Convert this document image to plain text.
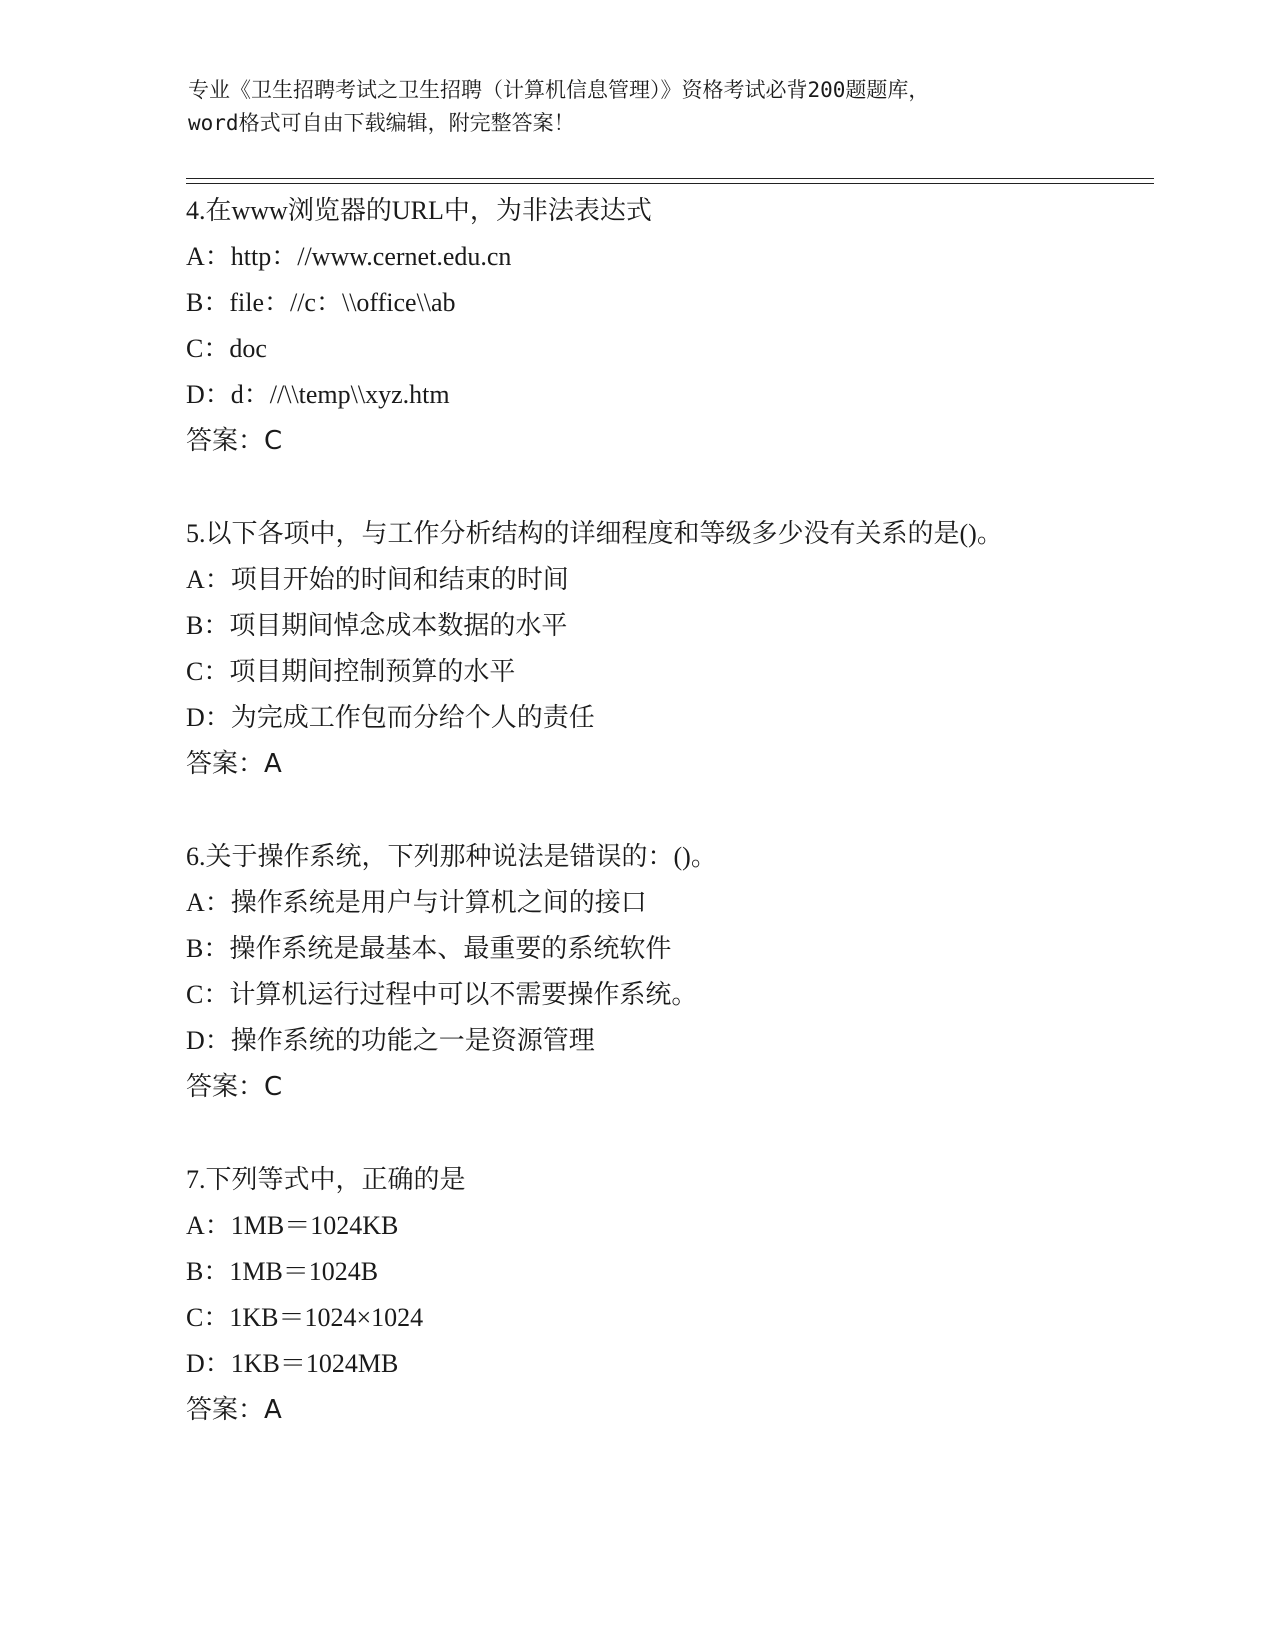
专业《卫生招聘考试之卫生招聘（计算机信息管理）》资格考试必背200题题库，
word格式可自由下载编辑，附完整答案！
4.在www浏览器的URL中，为非法表达式
A：http：//www.cernet.edu.cn
B：file：//c：\\office\\ab
C：doc
D：d：//\\temp\\xyz.htm
答案：C
5.以下各项中，与工作分析结构的详细程度和等级多少没有关系的是()。
A：项目开始的时间和结束的时间
B：项目期间悼念成本数据的水平
C：项目期间控制预算的水平
D：为完成工作包而分给个人的责任
答案：A
6.关于操作系统，下列那种说法是错误的：()。
A：操作系统是用户与计算机之间的接口
B：操作系统是最基本、最重要的系统软件
C：计算机运行过程中可以不需要操作系统。
D：操作系统的功能之一是资源管理
答案：C
7.下列等式中，正确的是
A：1MB＝1024KB
B：1MB＝1024B
C：1KB＝1024×1024
D：1KB＝1024MB
答案：A
